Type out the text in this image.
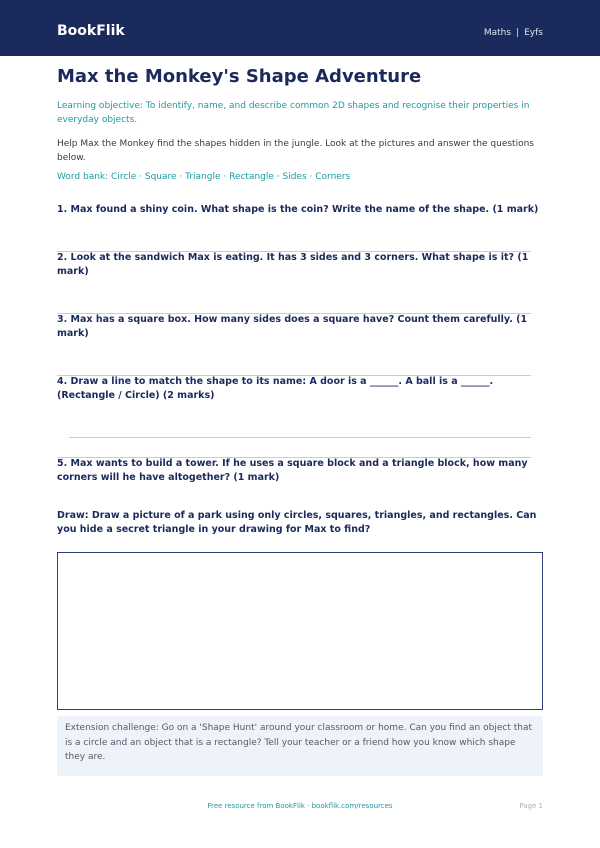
BookFlik	Maths | Eyfs
Max the Monkey's Shape Adventure
Learning objective: To identify, name, and describe common 2D shapes and recognise their properties in everyday objects.
Help Max the Monkey find the shapes hidden in the jungle. Look at the pictures and answer the questions below.
Word bank: Circle · Square · Triangle · Rectangle · Sides · Corners
1. Max found a shiny coin. What shape is the coin? Write the name of the shape. (1 mark)
2. Look at the sandwich Max is eating. It has 3 sides and 3 corners. What shape is it? (1 mark)
3. Max has a square box. How many sides does a square have? Count them carefully. (1 mark)
4. Draw a line to match the shape to its name: A door is a ______. A ball is a ______. (Rectangle / Circle) (2 marks)
5. Max wants to build a tower. If he uses a square block and a triangle block, how many corners will he have altogether? (1 mark)
Draw: Draw a picture of a park using only circles, squares, triangles, and rectangles. Can you hide a secret triangle in your drawing for Max to find?
Extension challenge: Go on a 'Shape Hunt' around your classroom or home. Can you find an object that is a circle and an object that is a rectangle? Tell your teacher or a friend how you know which shape they are.
Free resource from BookFlik · bookflik.com/resources	Page 1
